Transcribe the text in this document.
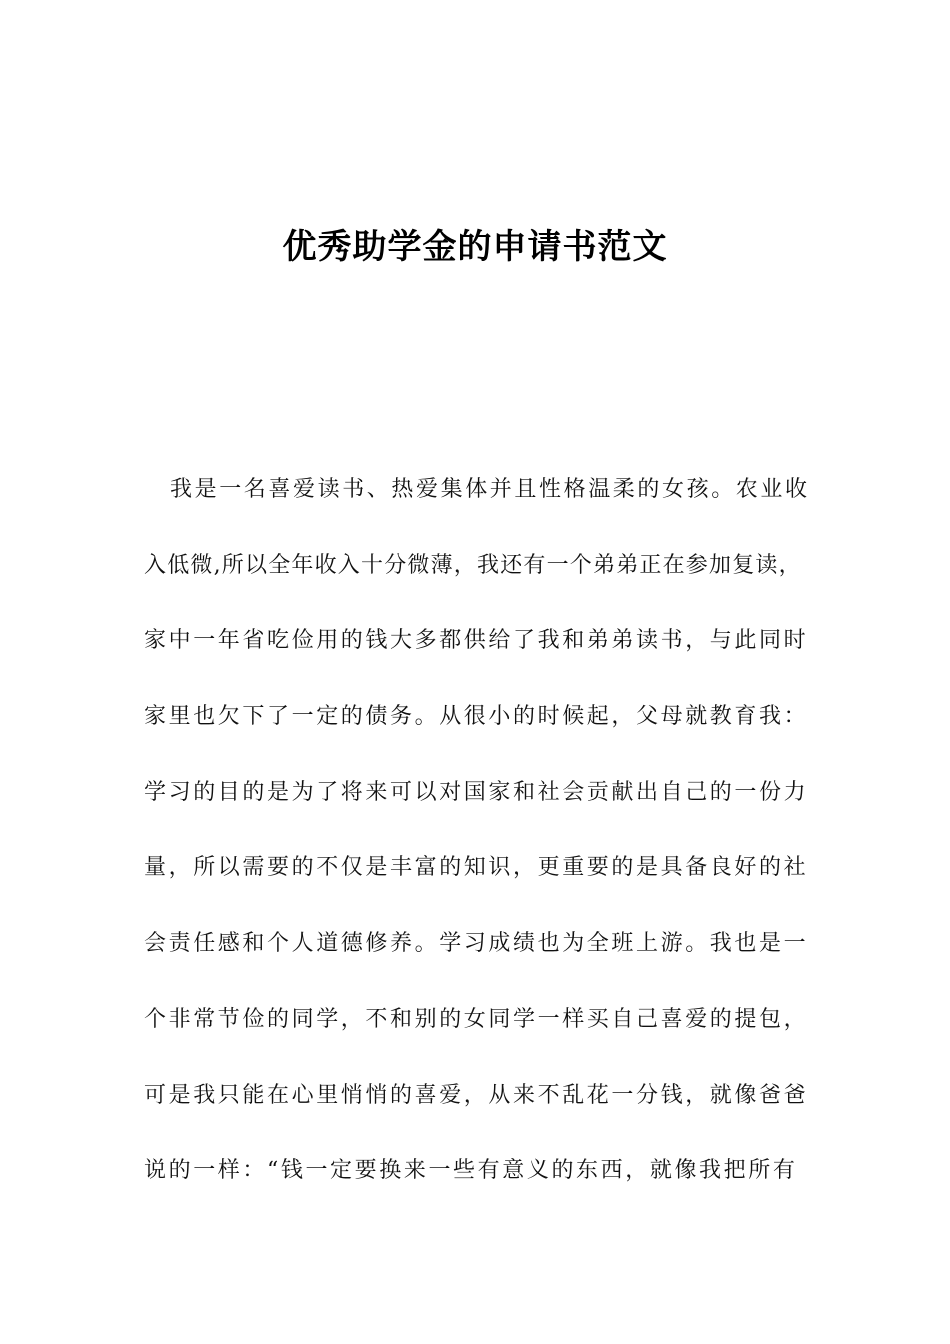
优秀助学金的申请书范文
我是一名喜爱读书、热爱集体并且性格温柔的女孩。农业收
入低微,所以全年收入十分微薄，我还有一个弟弟正在参加复读，
家中一年省吃俭用的钱大多都供给了我和弟弟读书，与此同时
家里也欠下了一定的债务。从很小的时候起，父母就教育我：
学习的目的是为了将来可以对国家和社会贡献出自己的一份力
量，所以需要的不仅是丰富的知识，更重要的是具备良好的社
会责任感和个人道德修养。学习成绩也为全班上游。我也是一
个非常节俭的同学，不和别的女同学一样买自己喜爱的提包，
可是我只能在心里悄悄的喜爱，从来不乱花一分钱，就像爸爸
说的一样：“钱一定要换来一些有意义的东西，就像我把所有
